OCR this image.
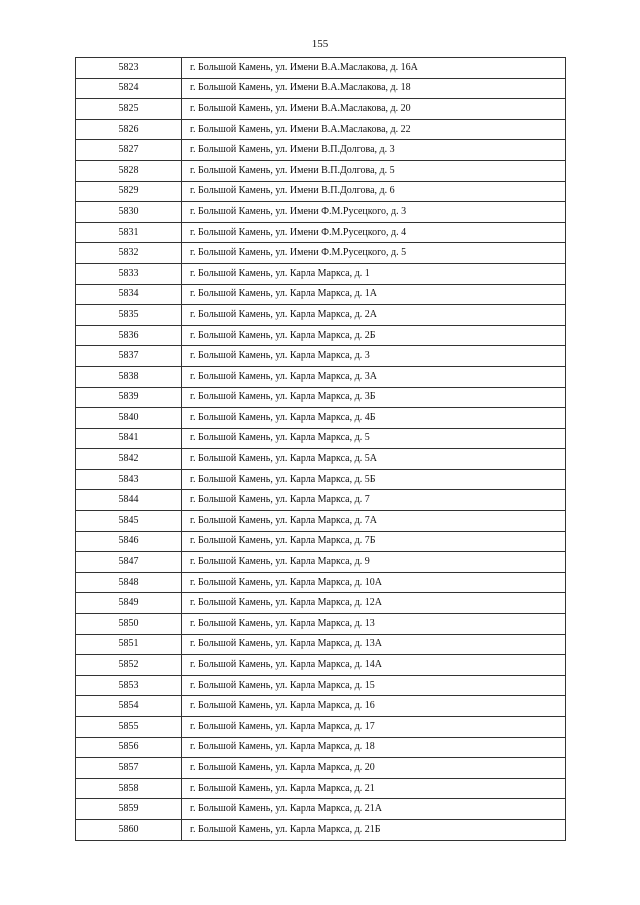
155
5823	г. Большой Камень, ул. Имени В.А.Маслакова, д. 16А
5824	г. Большой Камень, ул. Имени В.А.Маслакова, д. 18
5825	г. Большой Камень, ул. Имени В.А.Маслакова, д. 20
5826	г. Большой Камень, ул. Имени В.А.Маслакова, д. 22
5827	г. Большой Камень, ул. Имени В.П.Долгова, д. 3
5828	г. Большой Камень, ул. Имени В.П.Долгова, д. 5
5829	г. Большой Камень, ул. Имени В.П.Долгова, д. 6
5830	г. Большой Камень, ул. Имени Ф.М.Русецкого, д. 3
5831	г. Большой Камень, ул. Имени Ф.М.Русецкого, д. 4
5832	г. Большой Камень, ул. Имени Ф.М.Русецкого, д. 5
5833	г. Большой Камень, ул. Карла Маркса, д. 1
5834	г. Большой Камень, ул. Карла Маркса, д. 1А
5835	г. Большой Камень, ул. Карла Маркса, д. 2А
5836	г. Большой Камень, ул. Карла Маркса, д. 2Б
5837	г. Большой Камень, ул. Карла Маркса, д. 3
5838	г. Большой Камень, ул. Карла Маркса, д. 3А
5839	г. Большой Камень, ул. Карла Маркса, д. 3Б
5840	г. Большой Камень, ул. Карла Маркса, д. 4Б
5841	г. Большой Камень, ул. Карла Маркса, д. 5
5842	г. Большой Камень, ул. Карла Маркса, д. 5А
5843	г. Большой Камень, ул. Карла Маркса, д. 5Б
5844	г. Большой Камень, ул. Карла Маркса, д. 7
5845	г. Большой Камень, ул. Карла Маркса, д. 7А
5846	г. Большой Камень, ул. Карла Маркса, д. 7Б
5847	г. Большой Камень, ул. Карла Маркса, д. 9
5848	г. Большой Камень, ул. Карла Маркса, д. 10А
5849	г. Большой Камень, ул. Карла Маркса, д. 12А
5850	г. Большой Камень, ул. Карла Маркса, д. 13
5851	г. Большой Камень, ул. Карла Маркса, д. 13А
5852	г. Большой Камень, ул. Карла Маркса, д. 14А
5853	г. Большой Камень, ул. Карла Маркса, д. 15
5854	г. Большой Камень, ул. Карла Маркса, д. 16
5855	г. Большой Камень, ул. Карла Маркса, д. 17
5856	г. Большой Камень, ул. Карла Маркса, д. 18
5857	г. Большой Камень, ул. Карла Маркса, д. 20
5858	г. Большой Камень, ул. Карла Маркса, д. 21
5859	г. Большой Камень, ул. Карла Маркса, д. 21А
5860	г. Большой Камень, ул. Карла Маркса, д. 21Б
